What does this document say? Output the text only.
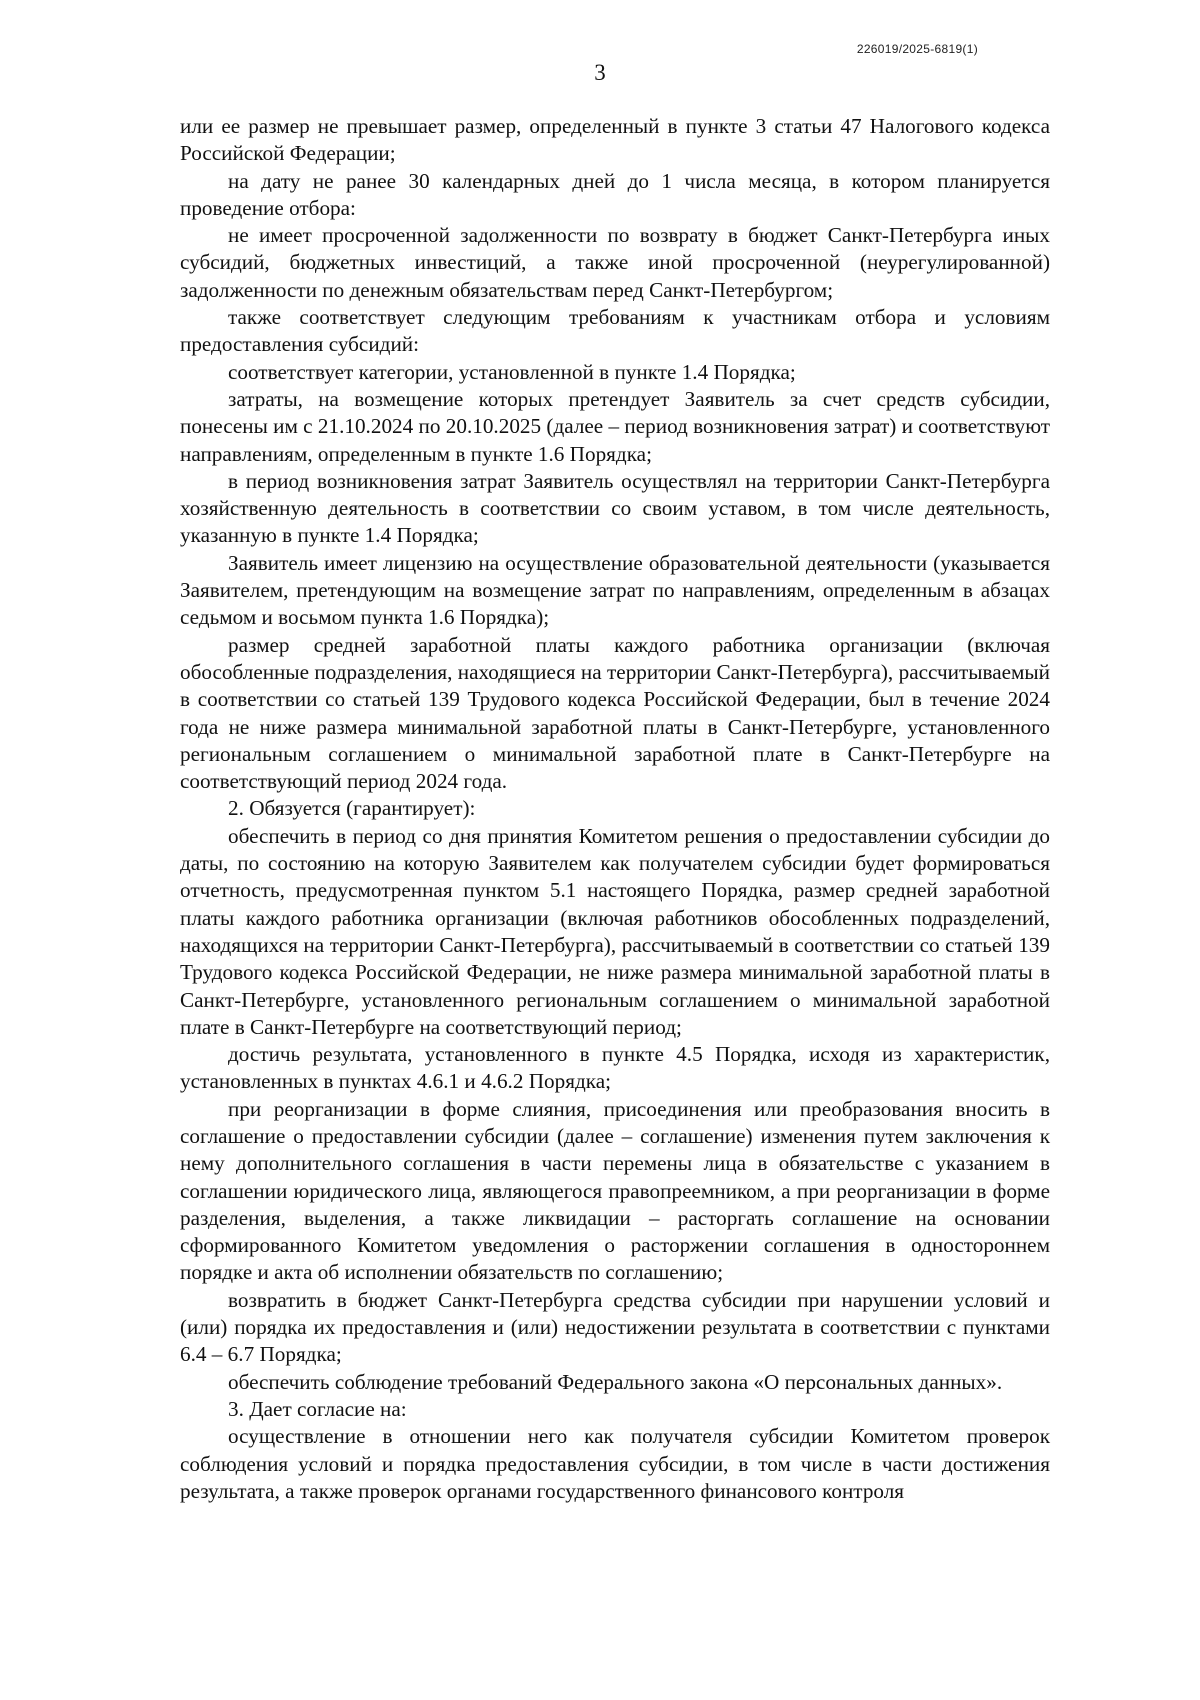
226019/2025-6819(1)
3

или ее размер не превышает размер, определенный в пункте 3 статьи 47 Налогового кодекса Российской Федерации;

на дату не ранее 30 календарных дней до 1 числа месяца, в котором планируется проведение отбора:

не имеет просроченной задолженности по возврату в бюджет Санкт-Петербурга иных субсидий, бюджетных инвестиций, а также иной просроченной (неурегулированной) задолженности по денежным обязательствам перед Санкт-Петербургом;

также соответствует следующим требованиям к участникам отбора и условиям предоставления субсидий:

соответствует категории, установленной в пункте 1.4 Порядка;

затраты, на возмещение которых претендует Заявитель за счет средств субсидии, понесены им с 21.10.2024 по 20.10.2025 (далее – период возникновения затрат) и соответствуют направлениям, определенным в пункте 1.6 Порядка;

в период возникновения затрат Заявитель осуществлял на территории Санкт-Петербурга хозяйственную деятельность в соответствии со своим уставом, в том числе деятельность, указанную в пункте 1.4 Порядка;

Заявитель имеет лицензию на осуществление образовательной деятельности (указывается Заявителем, претендующим на возмещение затрат по направлениям, определенным в абзацах седьмом и восьмом пункта 1.6 Порядка);

размер средней заработной платы каждого работника организации (включая обособленные подразделения, находящиеся на территории Санкт-Петербурга), рассчитываемый в соответствии со статьей 139 Трудового кодекса Российской Федерации, был в течение 2024 года не ниже размера минимальной заработной платы в Санкт-Петербурге, установленного региональным соглашением о минимальной заработной плате в Санкт-Петербурге на соответствующий период 2024 года.

2. Обязуется (гарантирует):

обеспечить в период со дня принятия Комитетом решения о предоставлении субсидии до даты, по состоянию на которую Заявителем как получателем субсидии будет формироваться отчетность, предусмотренная пунктом 5.1 настоящего Порядка, размер средней заработной платы каждого работника организации (включая работников обособленных подразделений, находящихся на территории Санкт-Петербурга), рассчитываемый в соответствии со статьей 139 Трудового кодекса Российской Федерации, не ниже размера минимальной заработной платы в Санкт-Петербурге, установленного региональным соглашением о минимальной заработной плате в Санкт-Петербурге на соответствующий период;

достичь результата, установленного в пункте 4.5 Порядка, исходя из характеристик, установленных в пунктах 4.6.1 и 4.6.2 Порядка;

при реорганизации в форме слияния, присоединения или преобразования вносить в соглашение о предоставлении субсидии (далее – соглашение) изменения путем заключения к нему дополнительного соглашения в части перемены лица в обязательстве с указанием в соглашении юридического лица, являющегося правопреемником, а при реорганизации в форме разделения, выделения, а также ликвидации – расторгать соглашение на основании сформированного Комитетом уведомления о расторжении соглашения в одностороннем порядке и акта об исполнении обязательств по соглашению;

возвратить в бюджет Санкт-Петербурга средства субсидии при нарушении условий и (или) порядка их предоставления и (или) недостижении результата в соответствии с пунктами 6.4 – 6.7 Порядка;

обеспечить соблюдение требований Федерального закона «О персональных данных».

3. Дает согласие на:

осуществление в отношении него как получателя субсидии Комитетом проверок соблюдения условий и порядка предоставления субсидии, в том числе в части достижения результата, а также проверок органами государственного финансового контроля
